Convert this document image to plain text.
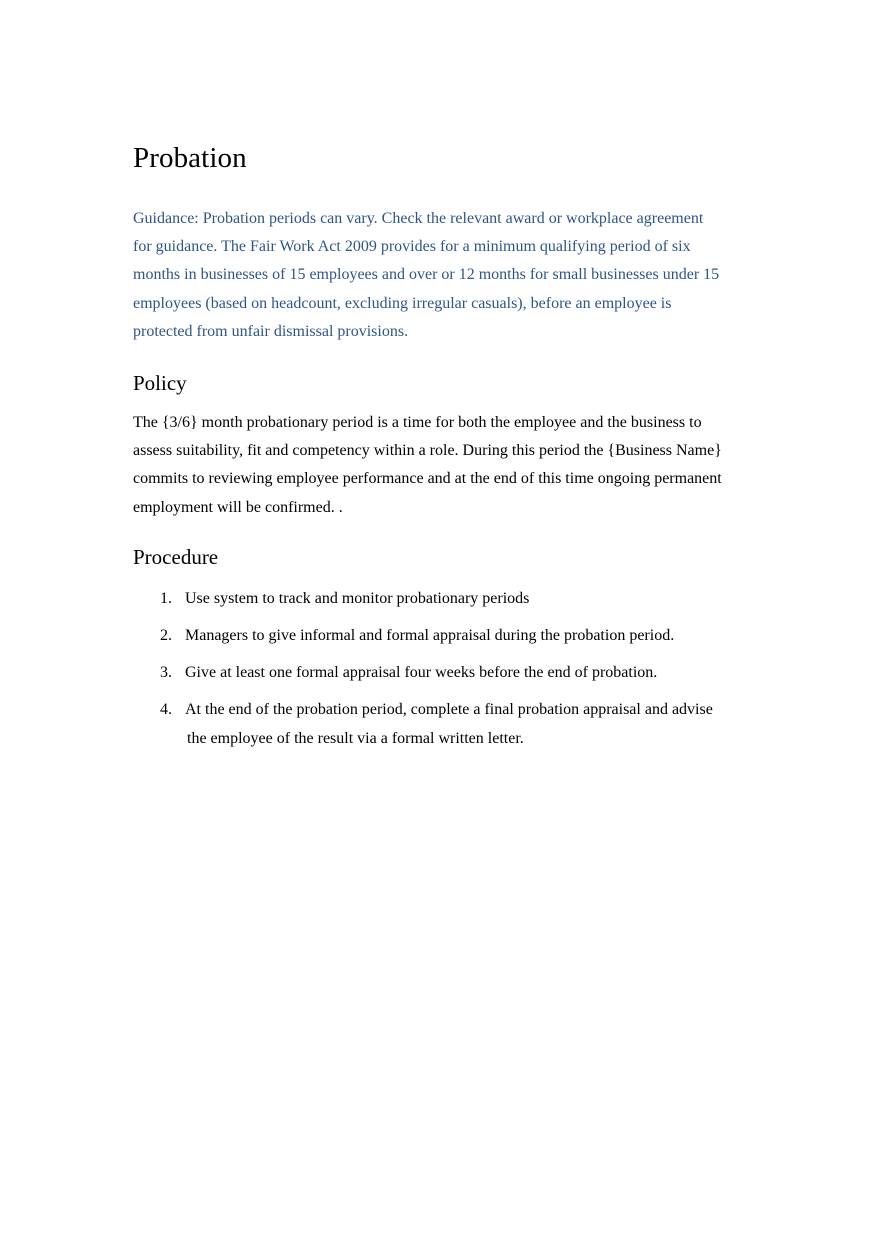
Probation

Guidance: Probation periods can vary. Check the relevant award or workplace agreement for guidance. The Fair Work Act 2009 provides for a minimum qualifying period of six months in businesses of 15 employees and over or 12 months for small businesses under 15 employees (based on headcount, excluding irregular casuals), before an employee is protected from unfair dismissal provisions.

Policy

The {3/6} month probationary period is a time for both the employee and the business to assess suitability, fit and competency within a role. During this period the {Business Name} commits to reviewing employee performance and at the end of this time ongoing permanent employment will be confirmed. .

Procedure
1. Use system to track and monitor probationary periods
2. Managers to give informal and formal appraisal during the probation period.
3. Give at least one formal appraisal four weeks before the end of probation.
4. At the end of the probation period, complete a final probation appraisal and advise
the employee of the result via a formal written letter.
